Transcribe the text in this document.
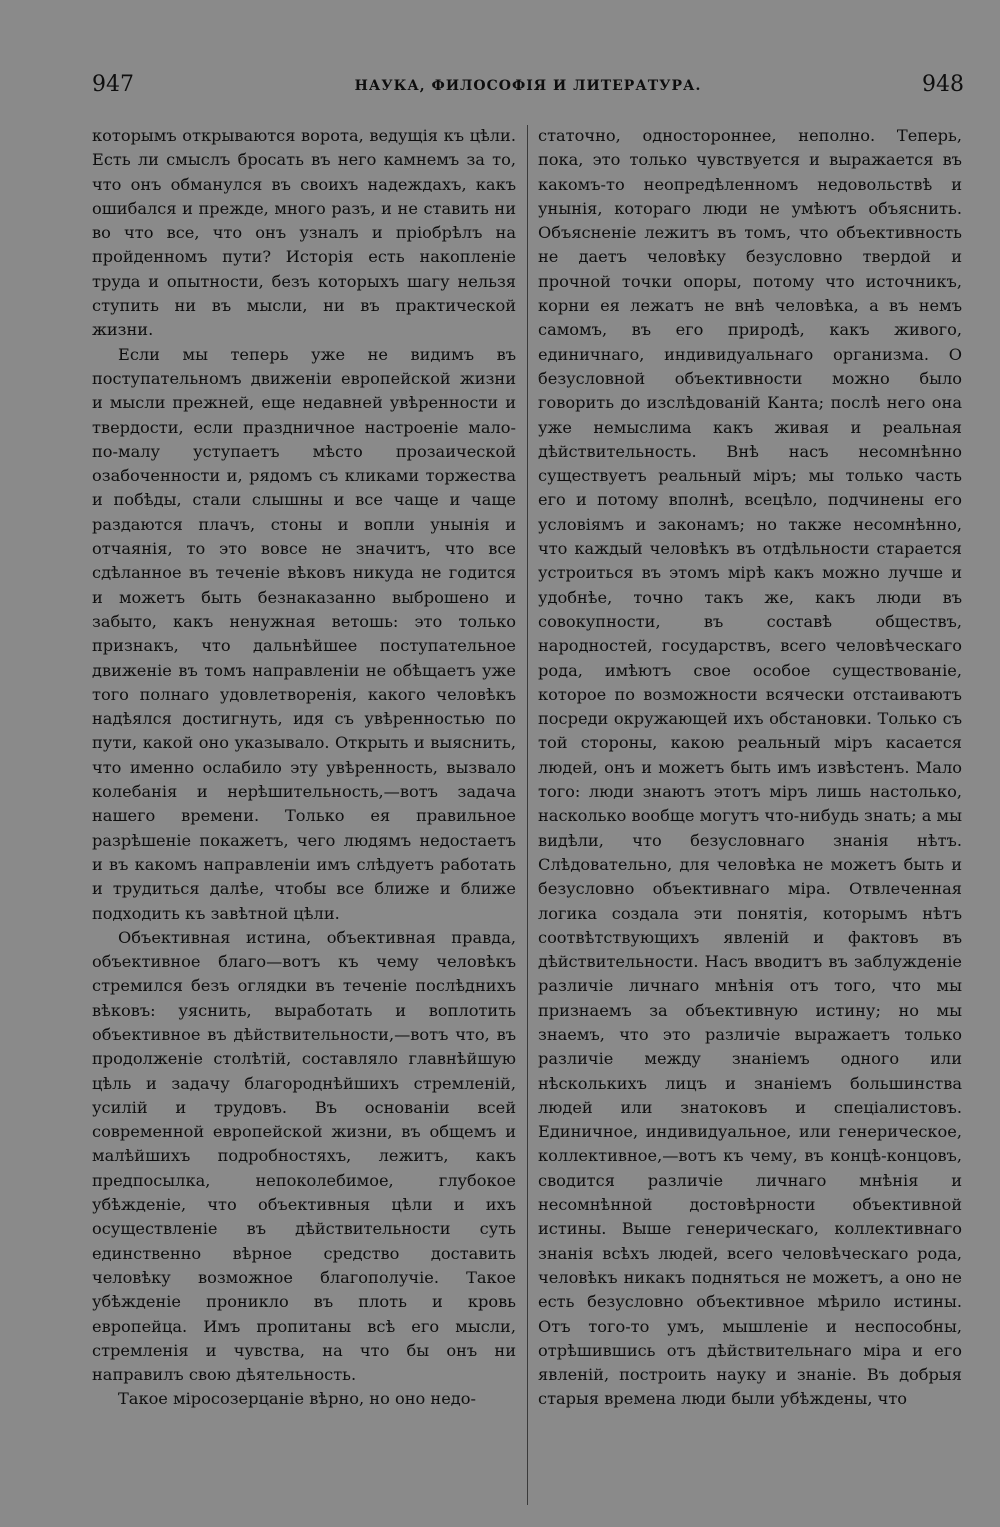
947	НАУКА, ФИЛОСОФІЯ И ЛИТЕРАТУРА.	948

которымъ открываются ворота, ведущія къ цѣли. Есть ли смыслъ бросать въ него камнемъ за то, что онъ обманулся въ своихъ надеждахъ, какъ ошибался и прежде, много разъ, и не ставить ни во что все, что онъ узналъ и пріобрѣлъ на пройденномъ пути? Исторія есть накопленіе труда и опытности, безъ которыхъ шагу нельзя ступить ни въ мысли, ни въ практической жизни.

Если мы теперь уже не видимъ въ поступательномъ движеніи европейской жизни и мысли прежней, еще недавней увѣренности и твердости, если праздничное настроеніе мало-по-малу уступаетъ мѣсто прозаической озабоченности и, рядомъ съ кликами торжества и побѣды, стали слышны и все чаще и чаще раздаются плачъ, стоны и вопли унынія и отчаянія, то это вовсе не значитъ, что все сдѣланное въ теченіе вѣковъ никуда не годится и можетъ быть безнаказанно выброшено и забыто, какъ ненужная ветошь: это только признакъ, что дальнѣйшее поступательное движеніе въ томъ направленіи не обѣщаетъ уже того полнаго удовлетворенія, какого человѣкъ надѣялся достигнуть, идя съ увѣренностью по пути, какой оно указывало. Открыть и выяснить, что именно ослабило эту увѣренность, вызвало колебанія и нерѣшительность,—вотъ задача нашего времени. Только ея правильное разрѣшеніе покажетъ, чего людямъ недостаетъ и въ какомъ направленіи имъ слѣдуетъ работать и трудиться далѣе, чтобы все ближе и ближе подходить къ завѣтной цѣли.

Объективная истина, объективная правда, объективное благо—вотъ къ чему человѣкъ стремился безъ оглядки въ теченіе послѣднихъ вѣковъ: уяснить, выработать и воплотить объективное въ дѣйствительности,—вотъ что, въ продолженіе столѣтій, составляло главнѣйшую цѣль и задачу благороднѣйшихъ стремленій, усилій и трудовъ. Въ основаніи всей современной европейской жизни, въ общемъ и малѣйшихъ подробностяхъ, лежитъ, какъ предпосылка, непоколебимое, глубокое убѣжденіе, что объективныя цѣли и ихъ осуществленіе въ дѣйствительности суть единственно вѣрное средство доставить человѣку возможное благополучіе. Такое убѣжденіе проникло въ плоть и кровь европейца. Имъ пропитаны всѣ его мысли, стремленія и чувства, на что бы онъ ни направилъ свою дѣятельность.

Такое міросозерцаніе вѣрно, но оно недо-

статочно, одностороннее, неполно. Теперь, пока, это только чувствуется и выражается въ какомъ-то неопредѣленномъ недовольствѣ и унынія, котораго люди не умѣютъ объяснить. Объясненіе лежитъ въ томъ, что объективность не даетъ человѣку безусловно твердой и прочной точки опоры, потому что источникъ, корни ея лежатъ не внѣ человѣка, а въ немъ самомъ, въ его природѣ, какъ живого, единичнаго, индивидуальнаго организма. О безусловной объективности можно было говорить до изслѣдованій Канта; послѣ него она уже немыслима какъ живая и реальная дѣйствительность. Внѣ насъ несомнѣнно существуетъ реальный міръ; мы только часть его и потому вполнѣ, всецѣло, подчинены его условіямъ и законамъ; но также несомнѣнно, что каждый человѣкъ въ отдѣльности старается устроиться въ этомъ мірѣ какъ можно лучше и удобнѣе, точно такъ же, какъ люди въ совокупности, въ составѣ обществъ, народностей, государствъ, всего человѣческаго рода, имѣютъ свое особое существованіе, которое по возможности всячески отстаиваютъ посреди окружающей ихъ обстановки. Только съ той стороны, какою реальный міръ касается людей, онъ и можетъ быть имъ извѣстенъ. Мало того: люди знаютъ этотъ міръ лишь настолько, насколько вообще могутъ что-нибудь знать; а мы видѣли, что безусловнаго знанія нѣтъ. Слѣдовательно, для человѣка не можетъ быть и безусловно объективнаго міра. Отвлеченная логика создала эти понятія, которымъ нѣтъ соотвѣтствующихъ явленій и фактовъ въ дѣйствительности. Насъ вводитъ въ заблужденіе различіе личнаго мнѣнія отъ того, что мы признаемъ за объективную истину; но мы знаемъ, что это различіе выражаетъ только различіе между знаніемъ одного или нѣсколькихъ лицъ и знаніемъ большинства людей или знатоковъ и спеціалистовъ. Единичное, индивидуальное, или генерическое, коллективное,—вотъ къ чему, въ концѣ-концовъ, сводится различіе личнаго мнѣнія и несомнѣнной достовѣрности объективной истины. Выше генерическаго, коллективнаго знанія всѣхъ людей, всего человѣческаго рода, человѣкъ никакъ подняться не можетъ, а оно не есть безусловно объективное мѣрило истины. Отъ того-то умъ, мышленіе и неспособны, отрѣшившись отъ дѣйствительнаго міра и его явленій, построить науку и знаніе. Въ добрыя старыя времена люди были убѣждены, что
